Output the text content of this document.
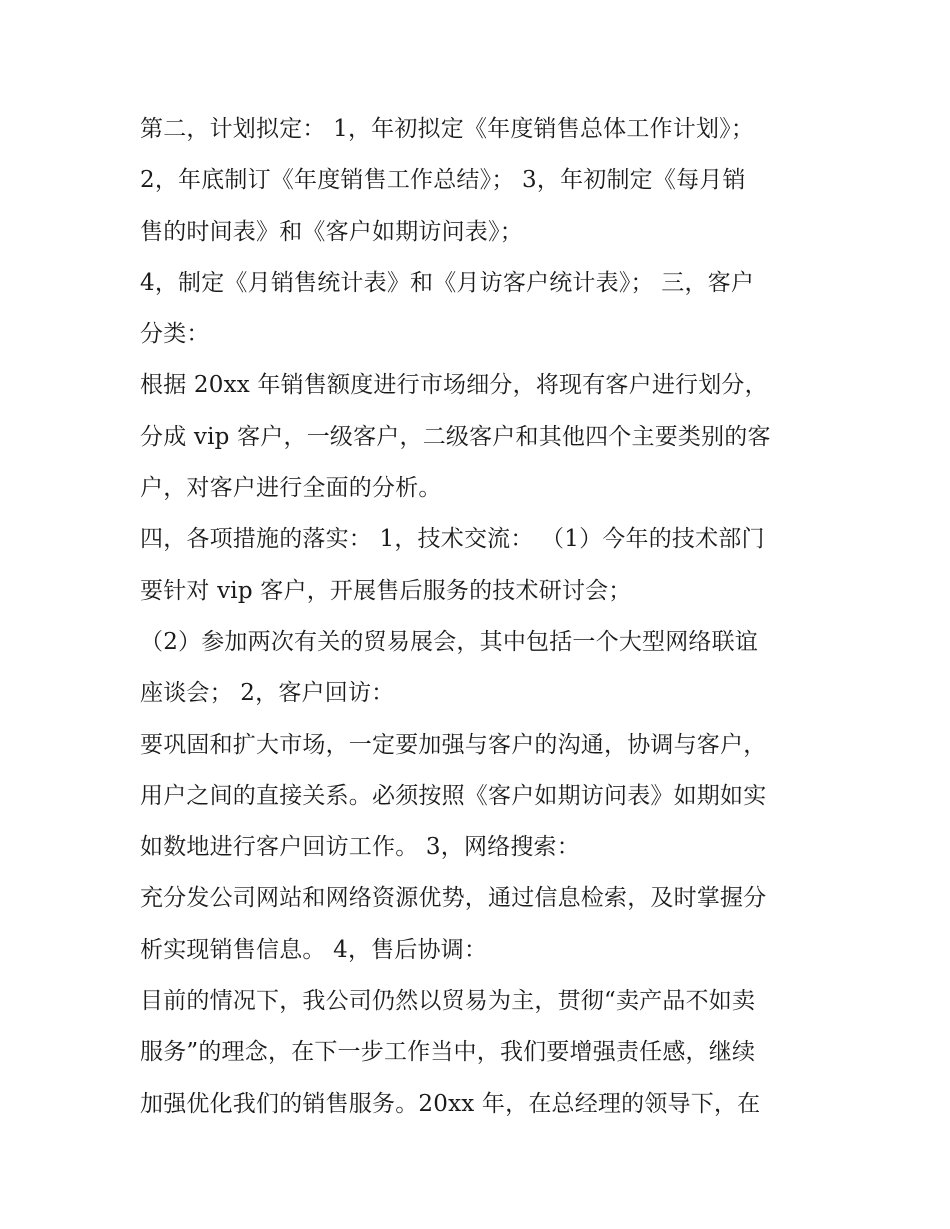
第二，计划拟定： 1，年初拟定《年度销售总体工作计划》；
2，年底制订《年度销售工作总结》； 3，年初制定《每月销
售的时间表》和《客户如期访问表》；
4，制定《月销售统计表》和《月访客户统计表》； 三，客户
分类：
根据 20xx 年销售额度进行市场细分，将现有客户进行划分，
分成 vip 客户，一级客户，二级客户和其他四个主要类别的客
户，对客户进行全面的分析。
四，各项措施的落实： 1，技术交流： （1）今年的技术部门
要针对 vip 客户，开展售后服务的技术研讨会；
（2）参加两次有关的贸易展会，其中包括一个大型网络联谊
座谈会； 2，客户回访：
要巩固和扩大市场，一定要加强与客户的沟通，协调与客户，
用户之间的直接关系。必须按照《客户如期访问表》如期如实
如数地进行客户回访工作。 3，网络搜索：
充分发公司网站和网络资源优势，通过信息检索，及时掌握分
析实现销售信息。 4，售后协调：
目前的情况下，我公司仍然以贸易为主，贯彻“卖产品不如卖
服务”的理念，在下一步工作当中，我们要增强责任感，继续
加强优化我们的销售服务。20xx 年，在总经理的领导下，在
